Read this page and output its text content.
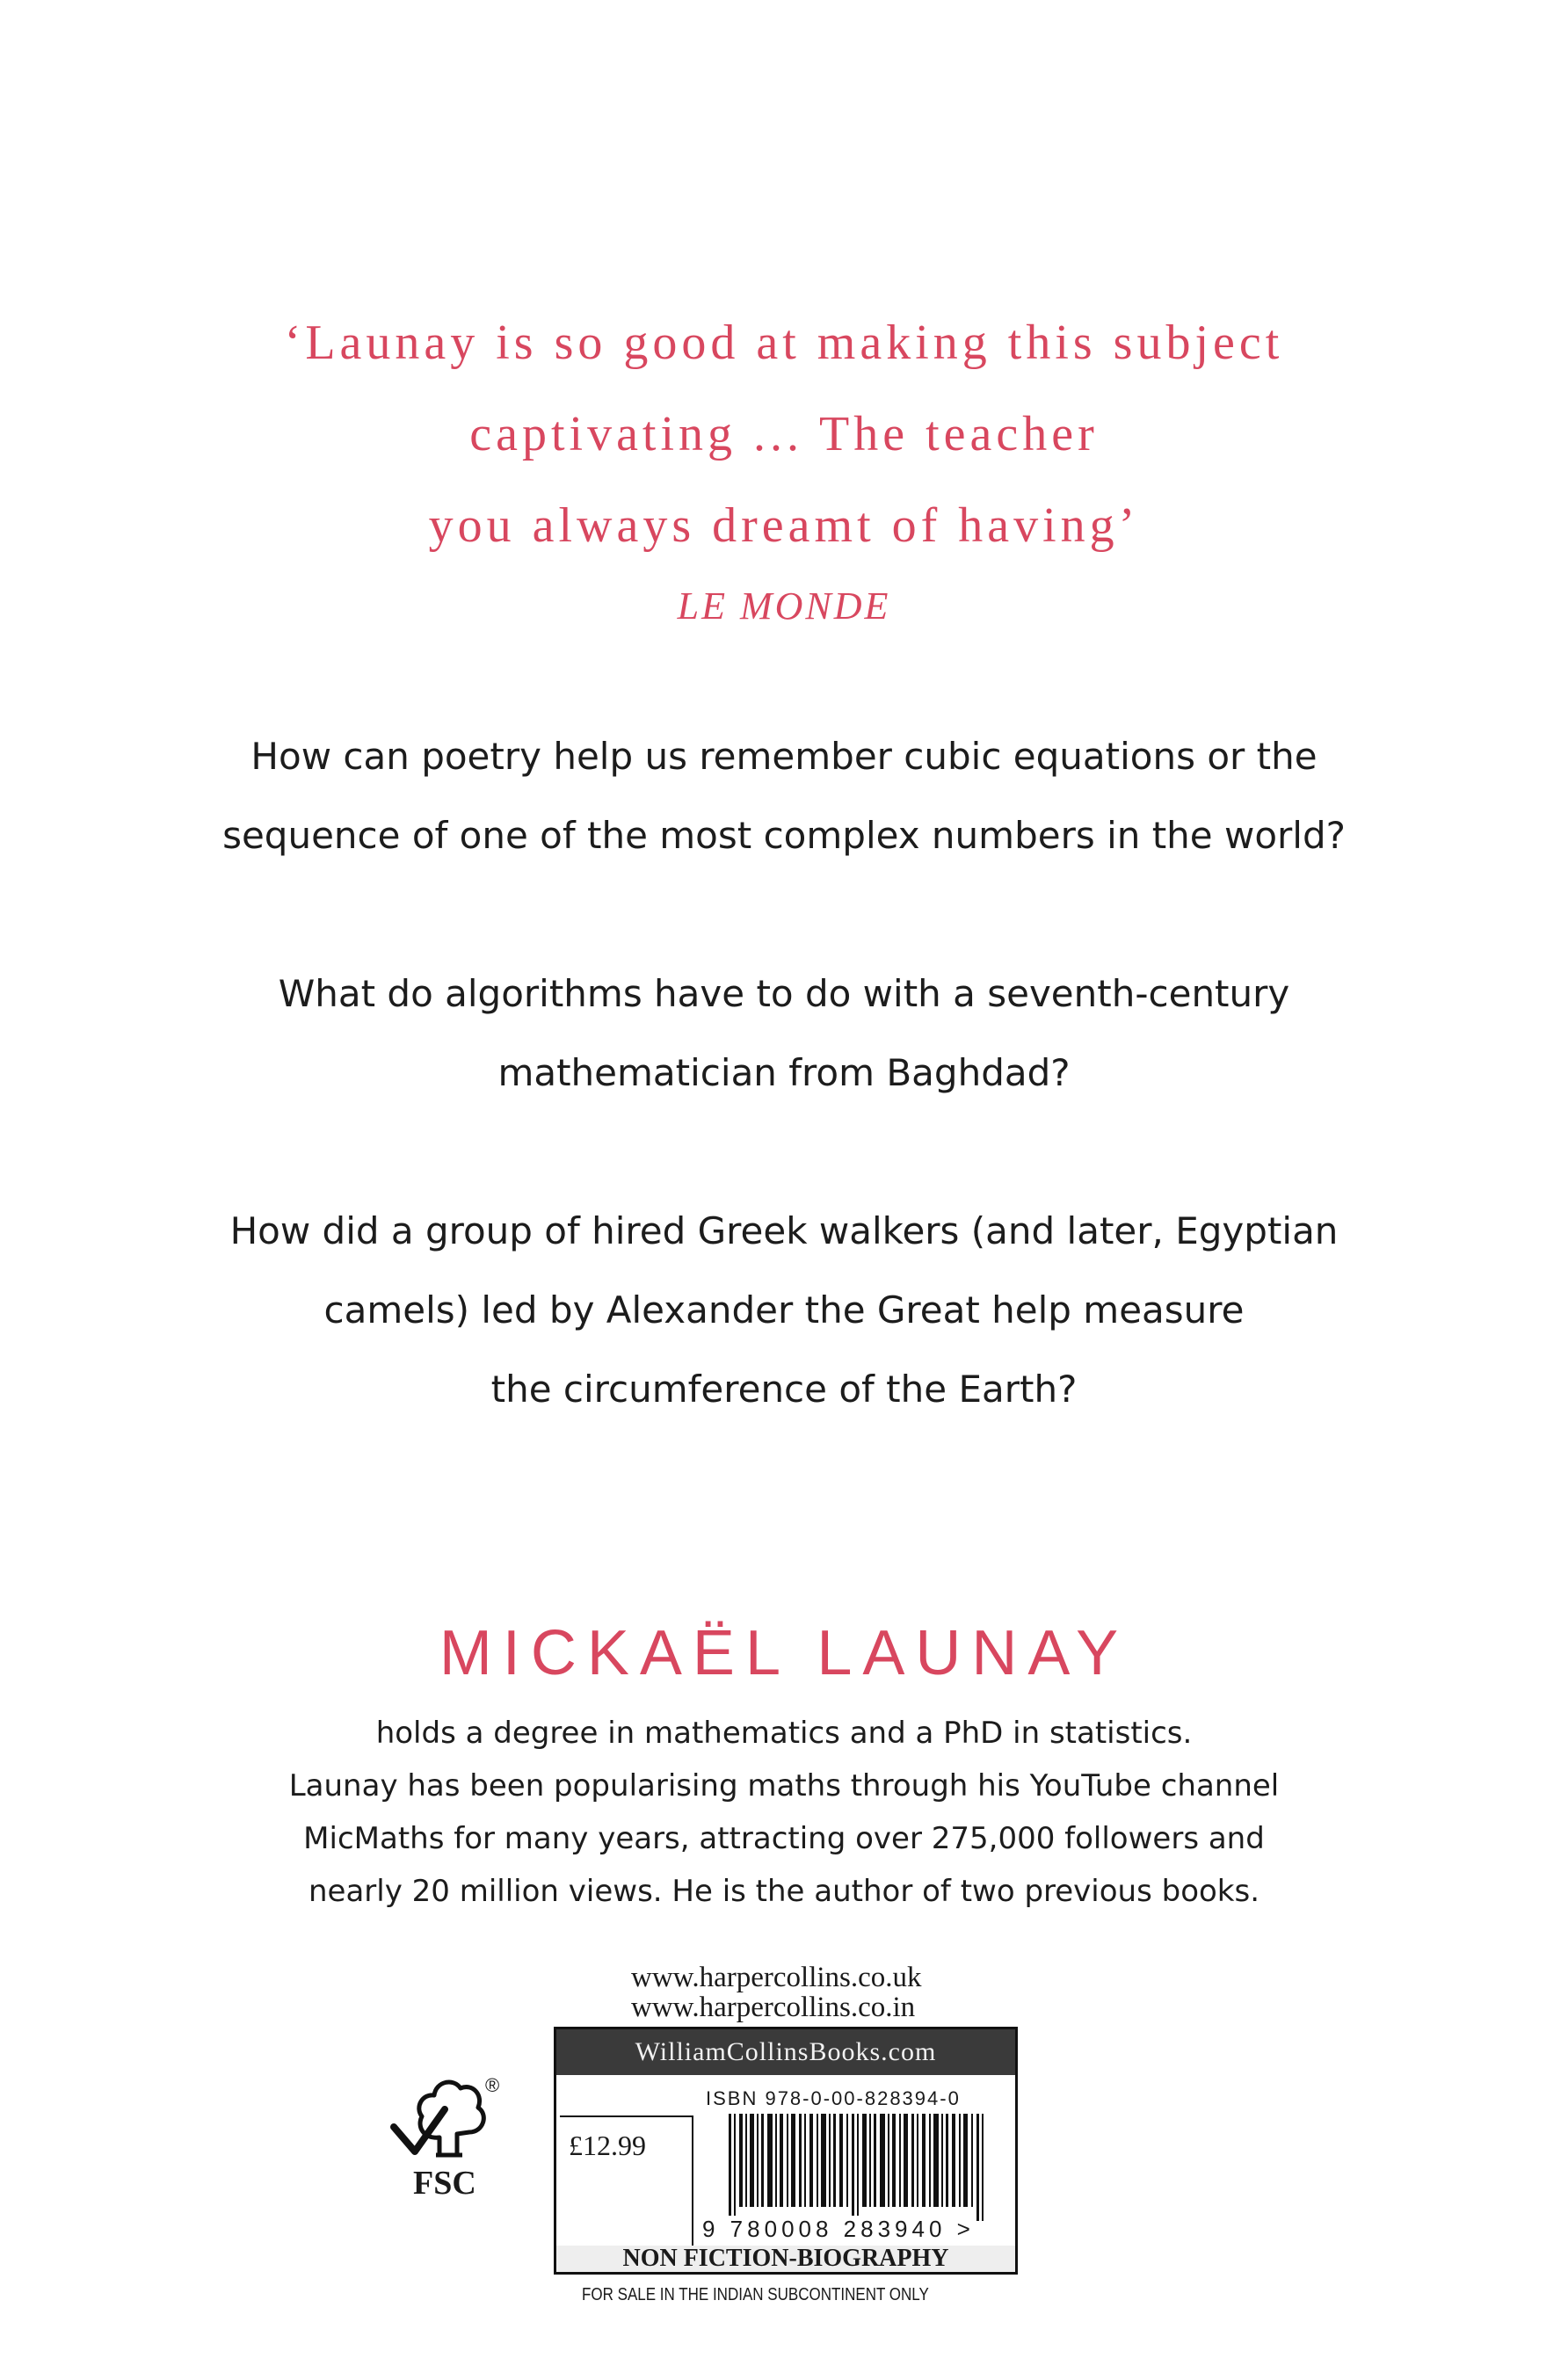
‘Launay is so good at making this subject
captivating ... The teacher
you always dreamt of having’
LE MONDE
How can poetry help us remember cubic equations or the
sequence of one of the most complex numbers in the world?
What do algorithms have to do with a seventh-century
mathematician from Baghdad?
How did a group of hired Greek walkers (and later, Egyptian
camels) led by Alexander the Great help measure
the circumference of the Earth?
MICKAËL LAUNAY
holds a degree in mathematics and a PhD in statistics.
Launay has been popularising maths through his YouTube channel
MicMaths for many years, attracting over 275,000 followers and
nearly 20 million views. He is the author of two previous books.
www.harpercollins.co.uk
www.harpercollins.co.in
®
FSC
WilliamCollinsBooks.com
ISBN 978-0-00-828394-0
£12.99
9 780008 283940 >
NON FICTION-BIOGRAPHY
FOR SALE IN THE INDIAN SUBCONTINENT ONLY
